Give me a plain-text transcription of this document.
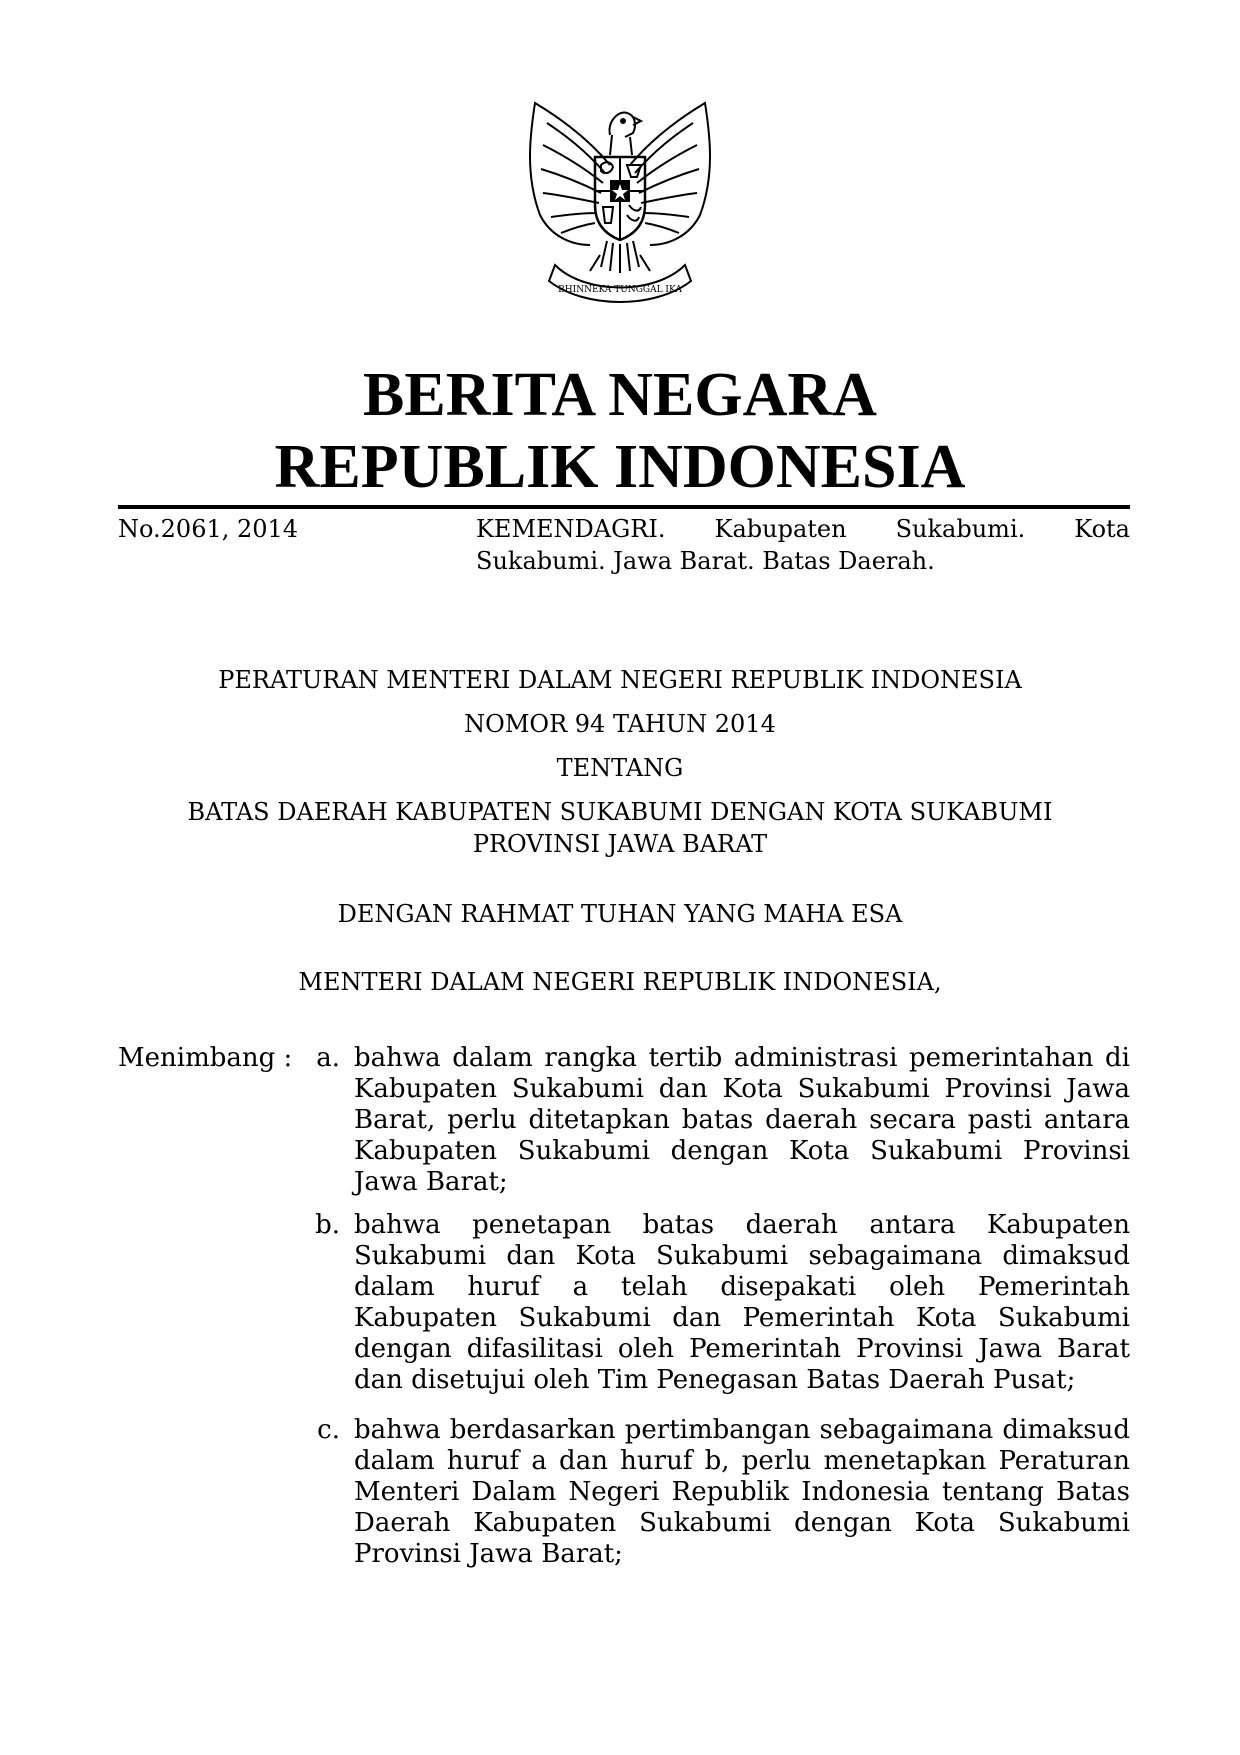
BHINNEKA TUNGGAL IKA
BERITA NEGARA
REPUBLIK INDONESIA
No.2061, 2014	KEMENDAGRI. Kabupaten Sukabumi. Kota Sukabumi. Jawa Barat. Batas Daerah.
PERATURAN MENTERI DALAM NEGERI REPUBLIK INDONESIA
NOMOR 94 TAHUN 2014
TENTANG
BATAS DAERAH KABUPATEN SUKABUMI DENGAN KOTA SUKABUMI
PROVINSI JAWA BARAT
DENGAN RAHMAT TUHAN YANG MAHA ESA
MENTERI DALAM NEGERI REPUBLIK INDONESIA,
Menimbang : a. bahwa dalam rangka tertib administrasi pemerintahan di Kabupaten Sukabumi dan Kota Sukabumi Provinsi Jawa Barat, perlu ditetapkan batas daerah secara pasti antara Kabupaten Sukabumi dengan Kota Sukabumi Provinsi Jawa Barat;
b. bahwa penetapan batas daerah antara Kabupaten Sukabumi dan Kota Sukabumi sebagaimana dimaksud dalam huruf a telah disepakati oleh Pemerintah Kabupaten Sukabumi dan Pemerintah Kota Sukabumi dengan difasilitasi oleh Pemerintah Provinsi Jawa Barat dan disetujui oleh Tim Penegasan Batas Daerah Pusat;
c. bahwa berdasarkan pertimbangan sebagaimana dimaksud dalam huruf a dan huruf b, perlu menetapkan Peraturan Menteri Dalam Negeri Republik Indonesia tentang Batas Daerah Kabupaten Sukabumi dengan Kota Sukabumi Provinsi Jawa Barat;
